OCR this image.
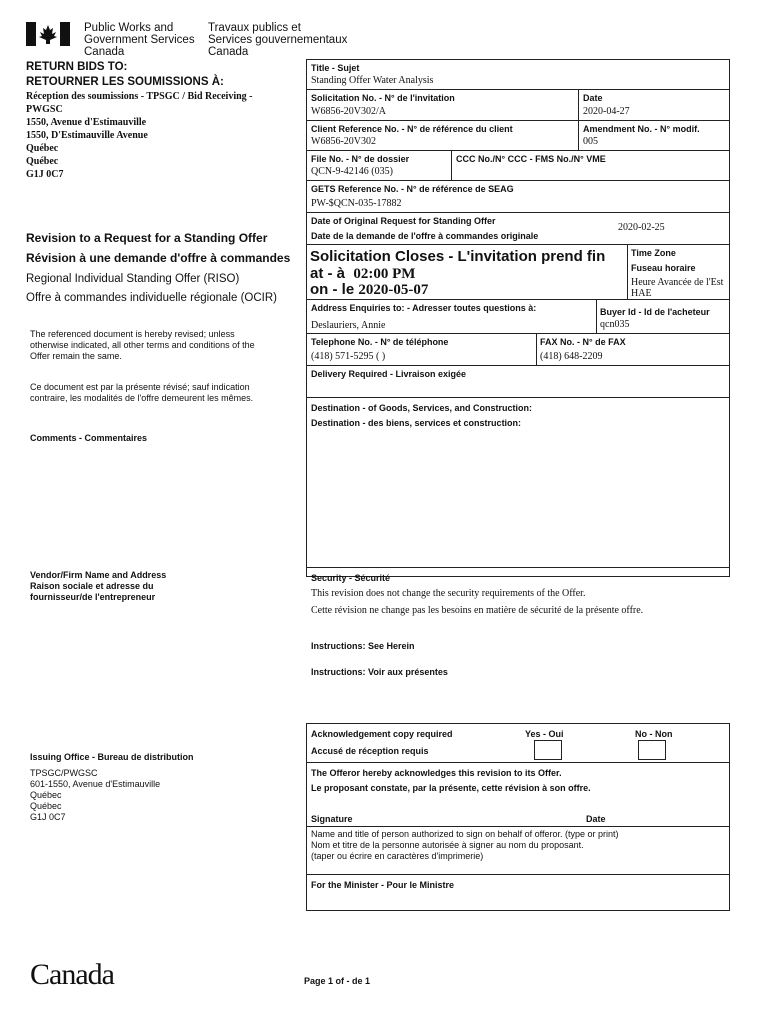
Public Works and
Government Services
Canada
Travaux publics et
Services gouvernementaux
Canada
RETURN BIDS TO:
RETOURNER LES SOUMISSIONS À:
Réception des soumissions - TPSGC / Bid Receiving - PWGSC
1550, Avenue d'Estimauville
1550, D'Estimauville Avenue
Québec
Québec
G1J 0C7
Revision to a Request for a Standing Offer
Révision à une demande d'offre à commandes
Regional Individual Standing Offer (RISO)
Offre à commandes individuelle régionale (OCIR)
The referenced document is hereby revised; unless otherwise indicated, all other terms and conditions of the Offer remain the same.
Ce document est par la présente révisé; sauf indication contraire, les modalités de l'offre demeurent les mêmes.
Comments - Commentaires
Vendor/Firm Name and Address
Raison sociale et adresse du
fournisseur/de l'entrepreneur
Issuing Office - Bureau de distribution
TPSGC/PWGSC
601-1550, Avenue d'Estimauville
Québec
Québec
G1J 0C7
Title - Sujet
Standing Offer Water Analysis
Solicitation No. - N° de l'invitation
W6856-20V302/A
Date
2020-04-27
Client Reference No. - N° de référence du client
W6856-20V302
Amendment No. - N° modif.
005
File No. - N° de dossier
QCN-9-42146 (035)
CCC No./N° CCC - FMS No./N° VME
GETS Reference No. - N° de référence de SEAG
PW-$QCN-035-17882
Date of Original Request for Standing Offer
Date de la demande de l'offre à commandes originale
2020-02-25
Solicitation Closes - L'invitation prend fin
at - à 02:00 PM
on - le 2020-05-07
Time Zone
Fuseau horaire
Heure Avancée de l'Est HAE
Address Enquiries to: - Adresser toutes questions à:
Deslauriers, Annie
Buyer Id - Id de l'acheteur
qcn035
Telephone No. - N° de téléphone
(418) 571-5295 ( )
FAX No. - N° de FAX
(418) 648-2209
Delivery Required - Livraison exigée
Destination - of Goods, Services, and Construction:
Destination - des biens, services et construction:
Security - Sécurité
This revision does not change the security requirements of the Offer.
Cette révision ne change pas les besoins en matière de sécurité de la présente offre.
Instructions: See Herein
Instructions: Voir aux présentes
Acknowledgement copy required
Accusé de réception requis
Yes - Oui	No - Non
The Offeror hereby acknowledges this revision to its Offer.
Le proposant constate, par la présente, cette révision à son offre.
Signature	Date
Name and title of person authorized to sign on behalf of offeror. (type or print)
Nom et titre de la personne autorisée à signer au nom du proposant.
(taper ou écrire en caractères d'imprimerie)
For the Minister - Pour le Ministre
Canada	Page 1 of - de 1
